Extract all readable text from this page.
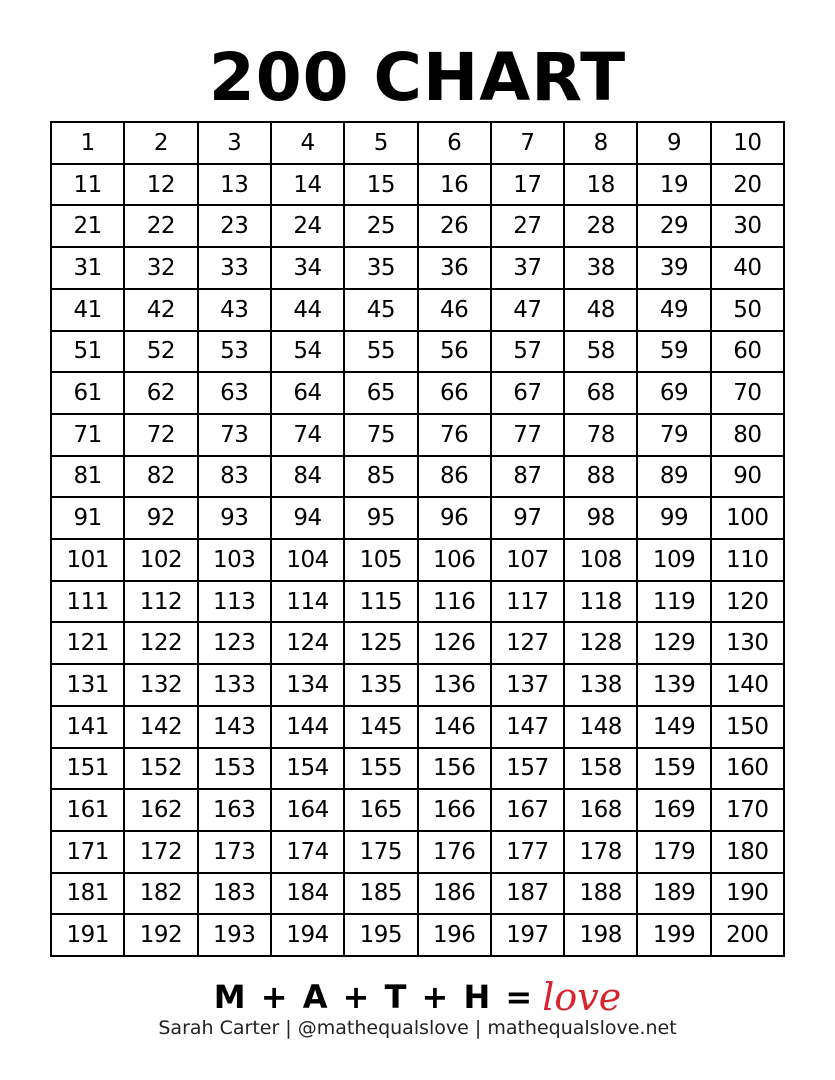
200 CHART
1	2	3	4	5	6	7	8	9	10
11	12	13	14	15	16	17	18	19	20
21	22	23	24	25	26	27	28	29	30
31	32	33	34	35	36	37	38	39	40
41	42	43	44	45	46	47	48	49	50
51	52	53	54	55	56	57	58	59	60
61	62	63	64	65	66	67	68	69	70
71	72	73	74	75	76	77	78	79	80
81	82	83	84	85	86	87	88	89	90
91	92	93	94	95	96	97	98	99	100
101	102	103	104	105	106	107	108	109	110
111	112	113	114	115	116	117	118	119	120
121	122	123	124	125	126	127	128	129	130
131	132	133	134	135	136	137	138	139	140
141	142	143	144	145	146	147	148	149	150
151	152	153	154	155	156	157	158	159	160
161	162	163	164	165	166	167	168	169	170
171	172	173	174	175	176	177	178	179	180
181	182	183	184	185	186	187	188	189	190
191	192	193	194	195	196	197	198	199	200
M + A + T + H = love
Sarah Carter | @mathequalslove | mathequalslove.net
